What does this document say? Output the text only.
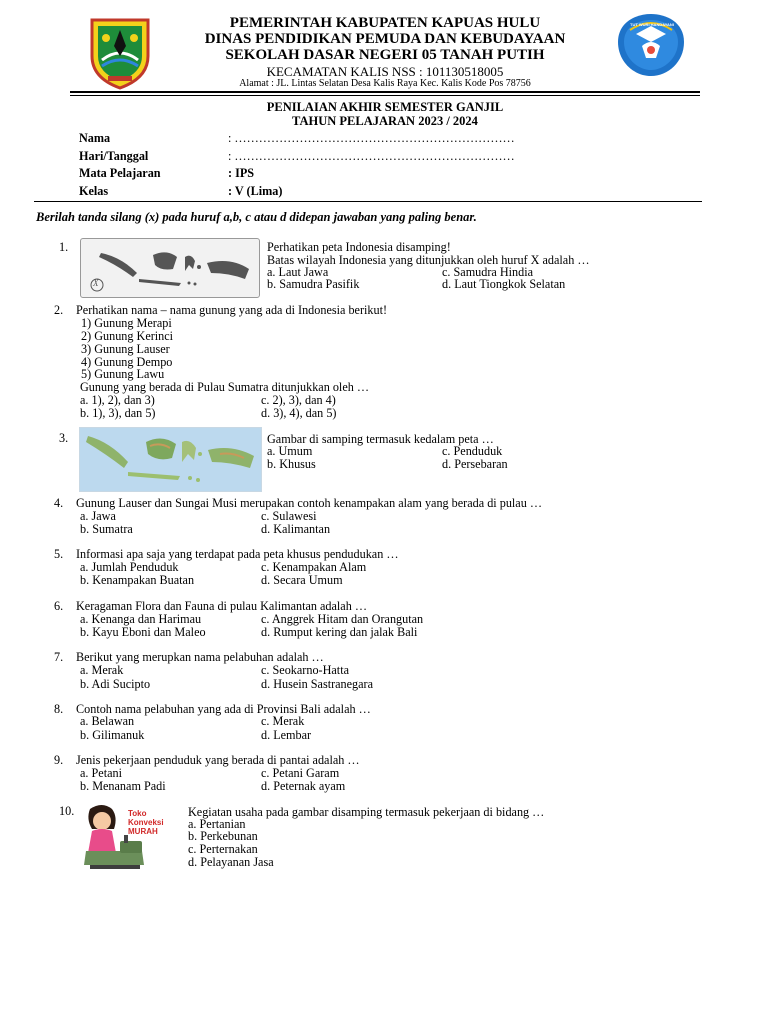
TUT WURI HANDAYANI
PEMERINTAH KABUPATEN KAPUAS HULU
DINAS PENDIDIKAN PEMUDA DAN KEBUDAYAAN
SEKOLAH DASAR NEGERI 05 TANAH PUTIH
KECAMATAN KALIS NSS : 101130518005
Alamat : JL. Lintas Selatan Desa Kalis Raya Kec. Kalis Kode Pos 78756
PENILAIAN AKHIR SEMESTER GANJIL
TAHUN PELAJARAN 2023 / 2024
Nama	: ……………………………………………………………
Hari/Tanggal	: ……………………………………………………………
Mata Pelajaran	: IPS
Kelas	: V (Lima)
Berilah tanda silang (x) pada huruf a,b, c atau d didepan jawaban yang paling benar.
1.
X
Perhatikan peta Indonesia disamping!
Batas wilayah Indonesia yang ditunjukkan oleh huruf X adalah …
a. Laut Jawa
b. Samudra Pasifik
c. Samudra Hindia
d. Laut Tiongkok Selatan
2. Perhatikan nama – nama gunung yang ada di Indonesia berikut!
1) Gunung Merapi
2) Gunung Kerinci
3) Gunung Lauser
4) Gunung Dempo
5) Gunung Lawu
Gunung yang berada di Pulau Sumatra ditunjukkan oleh …
a. 1), 2), dan 3)
b. 1), 3), dan 5)
c. 2), 3), dan 4)
d. 3), 4), dan 5)
3.	Gambar di samping termasuk kedalam peta …
a. Umum
b. Khusus
c. Penduduk
d. Persebaran
4. Gunung Lauser dan Sungai Musi merupakan contoh kenampakan alam yang berada di pulau …
a. Jawa
b. Sumatra
c. Sulawesi
d. Kalimantan
5. Informasi apa saja yang terdapat pada peta khusus pendudukan …
a. Jumlah Penduduk
b. Kenampakan Buatan
c. Kenampakan Alam
d. Secara Umum
6. Keragaman Flora dan Fauna di pulau Kalimantan adalah …
a. Kenanga dan Harimau
b. Kayu Eboni dan Maleo
c. Anggrek Hitam dan Orangutan
d. Rumput kering dan jalak Bali
7. Berikut yang merupkan nama pelabuhan adalah …
a. Merak
b. Adi Sucipto
c. Seokarno-Hatta
d. Husein Sastranegara
8. Contoh nama pelabuhan yang ada di Provinsi Bali adalah …
a. Belawan
b. Gilimanuk
c. Merak
d. Lembar
9. Jenis pekerjaan penduduk yang berada di pantai adalah …
a. Petani
b. Menanam Padi
c. Petani Garam
d. Peternak ayam
10.	Toko Konveksi MURAH
Kegiatan usaha pada gambar disamping termasuk pekerjaan di bidang …
a. Pertanian
b. Perkebunan
c. Perternakan
d. Pelayanan Jasa
